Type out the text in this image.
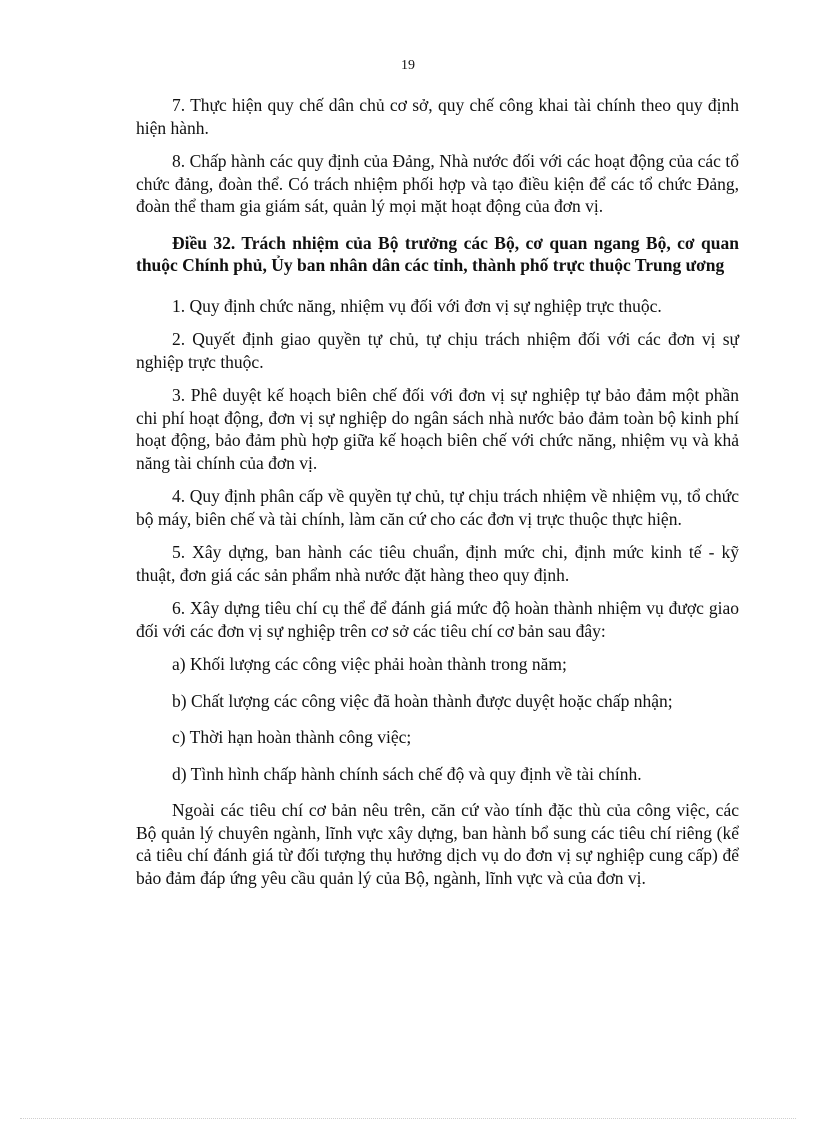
19

7. Thực hiện quy chế dân chủ cơ sở, quy chế công khai tài chính theo quy định hiện hành.

8. Chấp hành các quy định của Đảng, Nhà nước đối với các hoạt động của các tổ chức đảng, đoàn thể. Có trách nhiệm phối hợp và tạo điều kiện để các tổ chức Đảng, đoàn thể tham gia giám sát, quản lý mọi mặt hoạt động của đơn vị.

Điều 32. Trách nhiệm của Bộ trưởng các Bộ, cơ quan ngang Bộ, cơ quan thuộc Chính phủ, Ủy ban nhân dân các tỉnh, thành phố trực thuộc Trung ương

1. Quy định chức năng, nhiệm vụ đối với đơn vị sự nghiệp trực thuộc.

2. Quyết định giao quyền tự chủ, tự chịu trách nhiệm đối với các đơn vị sự nghiệp trực thuộc.

3. Phê duyệt kế hoạch biên chế đối với đơn vị sự nghiệp tự bảo đảm một phần chi phí hoạt động, đơn vị sự nghiệp do ngân sách nhà nước bảo đảm toàn bộ kinh phí hoạt động, bảo đảm phù hợp giữa kế hoạch biên chế với chức năng, nhiệm vụ và khả năng tài chính của đơn vị.

4. Quy định phân cấp về quyền tự chủ, tự chịu trách nhiệm về nhiệm vụ, tổ chức bộ máy, biên chế và tài chính, làm căn cứ cho các đơn vị trực thuộc thực hiện.

5. Xây dựng, ban hành các tiêu chuẩn, định mức chi, định mức kinh tế - kỹ thuật, đơn giá các sản phẩm nhà nước đặt hàng theo quy định.

6. Xây dựng tiêu chí cụ thể để đánh giá mức độ hoàn thành nhiệm vụ được giao đối với các đơn vị sự nghiệp trên cơ sở các tiêu chí cơ bản sau đây:

a) Khối lượng các công việc phải hoàn thành trong năm;

b) Chất lượng các công việc đã hoàn thành được duyệt hoặc chấp nhận;

c) Thời hạn hoàn thành công việc;

d) Tình hình chấp hành chính sách chế độ và quy định về tài chính.

Ngoài các tiêu chí cơ bản nêu trên, căn cứ vào tính đặc thù của công việc, các Bộ quản lý chuyên ngành, lĩnh vực xây dựng, ban hành bổ sung các tiêu chí riêng (kể cả tiêu chí đánh giá từ đối tượng thụ hưởng dịch vụ do đơn vị sự nghiệp cung cấp) để bảo đảm đáp ứng yêu cầu quản lý của Bộ, ngành, lĩnh vực và của đơn vị.
